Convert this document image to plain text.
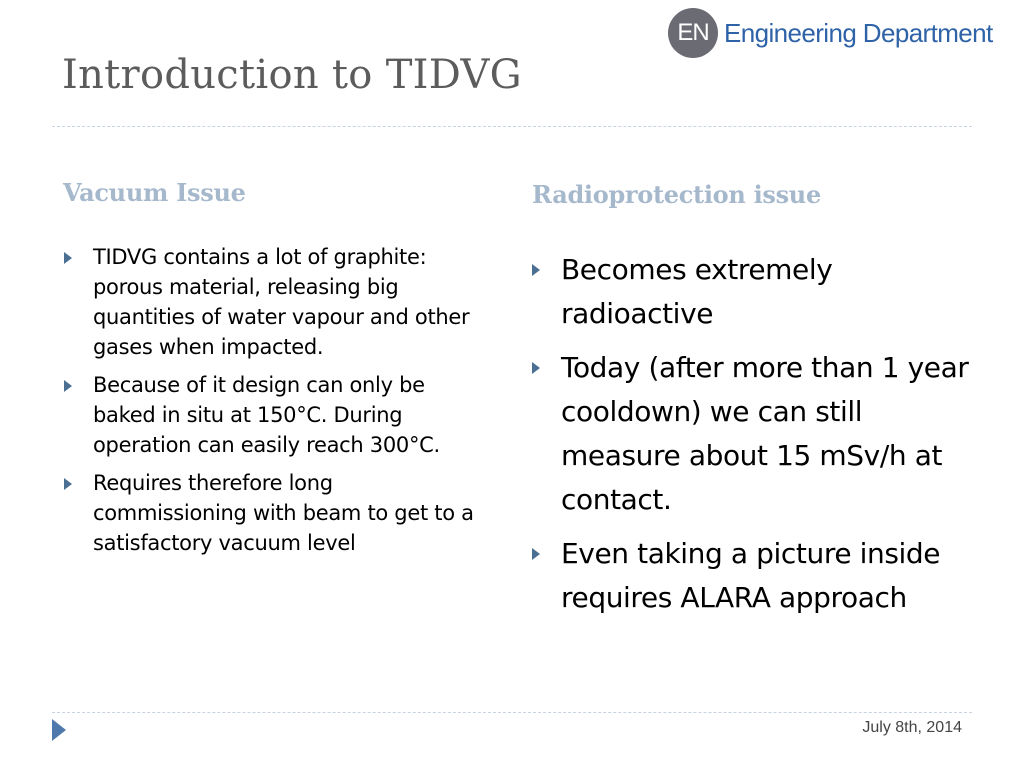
EN Engineering Department
Introduction to TIDVG
Vacuum Issue	Radioprotection issue
TIDVG contains a lot of graphite: porous material, releasing big quantities of water vapour and other gases when impacted.
Because of it design can only be baked in situ at 150°C. During operation can easily reach 300°C.
Requires therefore long commissioning with beam to get to a satisfactory vacuum level
Becomes extremely radioactive
Today (after more than 1 year cooldown) we can still measure about 15 mSv/h at contact.
Even taking a picture inside requires ALARA approach
July 8th, 2014
